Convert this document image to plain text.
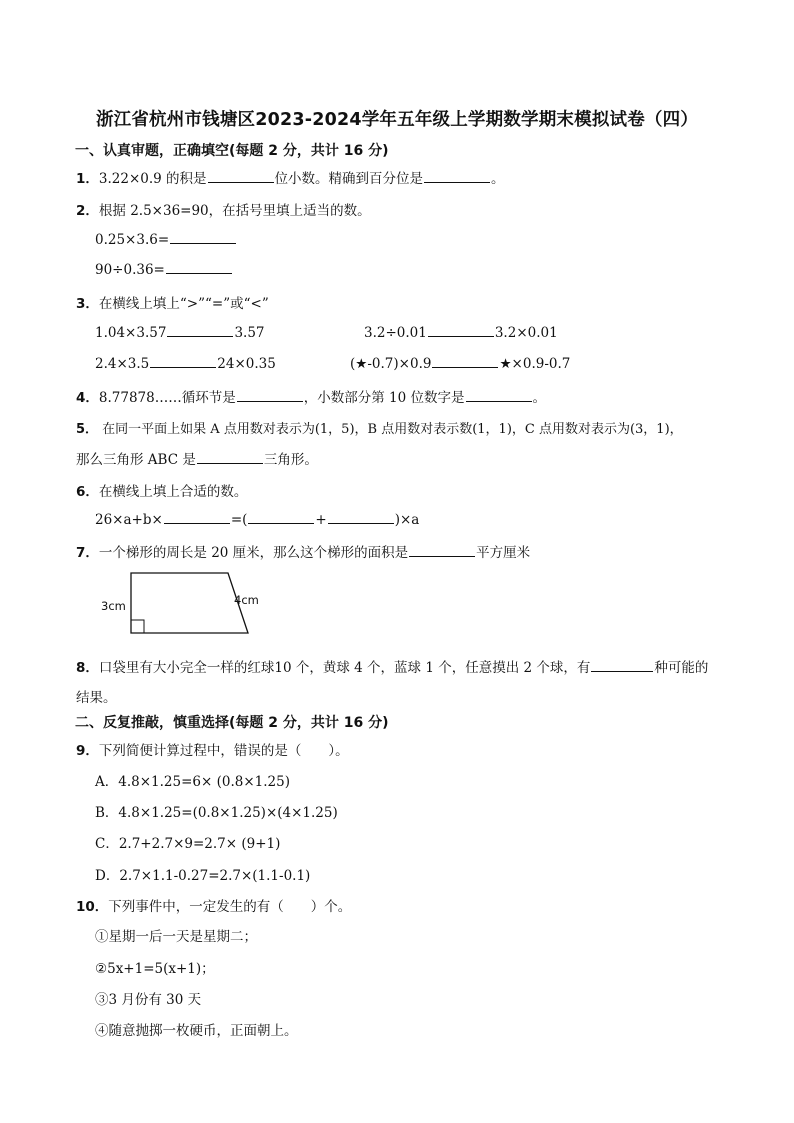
浙江省杭州市钱塘区2023-2024学年五年级上学期数学期末模拟试卷（四）
一、认真审题，正确填空(每题 2 分，共计 16 分)
1．3.22×0.9 的积是	位小数。精确到百分位是	。
2．根据 2.5×36=90，在括号里填上适当的数。
0.25×3.6=
90÷0.36=
3．在横线上填上“>”“=”或“<”
1.04×3.57	3.57	3.2÷0.01	3.2×0.01
2.4×3.5	24×0.35	(★-0.7)×0.9	★×0.9-0.7
4．8.77878……循环节是	，小数部分第 10 位数字是	。
5． 在同一平面上如果 A 点用数对表示为(1，5)，B 点用数对表示数(1，1)，C 点用数对表示为(3，1)，
那么三角形 ABC 是	三角形。
6．在横线上填上合适的数。
26×a+b×	=(	+	)×a
7．一个梯形的周长是 20 厘米，那么这个梯形的面积是	平方厘米
3cm	4cm
8．口袋里有大小完全一样的红球10 个，黄球 4 个，蓝球 1 个，任意摸出 2 个球，有	种可能的
结果。
二、反复推敲，慎重选择(每题 2 分，共计 16 分)
9．下列简便计算过程中，错误的是（　　）。
A．4.8×1.25=6× (0.8×1.25)
B．4.8×1.25=(0.8×1.25)×(4×1.25)
C．2.7+2.7×9=2.7× (9+1)
D．2.7×1.1-0.27=2.7×(1.1-0.1)
10．下列事件中，一定发生的有（　　）个。
①星期一后一天是星期二；
②5x+1=5(x+1)；
③3 月份有 30 天
④随意抛掷一枚硬币，正面朝上。
